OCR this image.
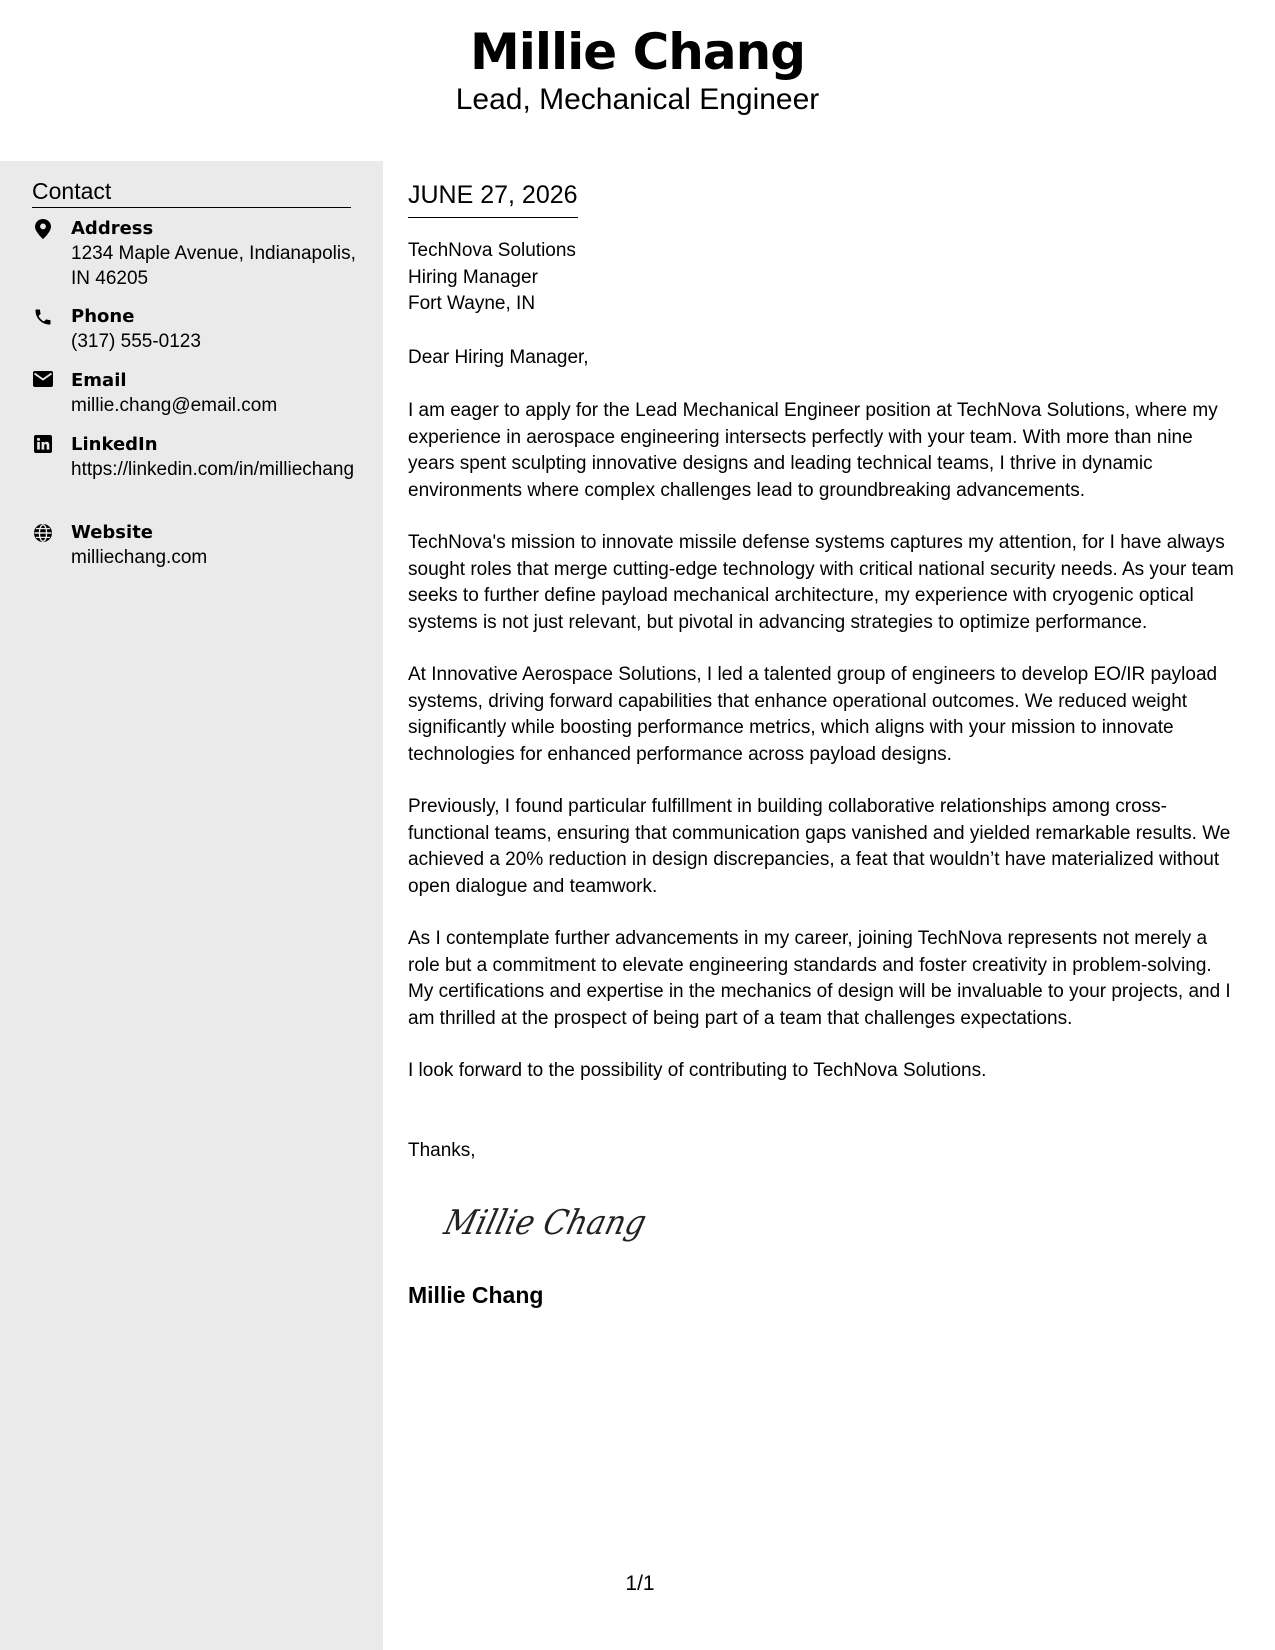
Millie Chang
Lead, Mechanical Engineer
Contact
Address
1234 Maple Avenue, Indianapolis, IN 46205
Phone
(317) 555-0123
Email
millie.chang@email.com
LinkedIn
https://linkedin.com/in/milliechang
Website
milliechang.com
JUNE 27, 2026
TechNova Solutions
Hiring Manager
Fort Wayne, IN
Dear Hiring Manager,
I am eager to apply for the Lead Mechanical Engineer position at TechNova Solutions, where my experience in aerospace engineering intersects perfectly with your team. With more than nine years spent sculpting innovative designs and leading technical teams, I thrive in dynamic environments where complex challenges lead to groundbreaking advancements.
TechNova's mission to innovate missile defense systems captures my attention, for I have always sought roles that merge cutting-edge technology with critical national security needs. As your team seeks to further define payload mechanical architecture, my experience with cryogenic optical systems is not just relevant, but pivotal in advancing strategies to optimize performance.
At Innovative Aerospace Solutions, I led a talented group of engineers to develop EO/IR payload systems, driving forward capabilities that enhance operational outcomes. We reduced weight significantly while boosting performance metrics, which aligns with your mission to innovate technologies for enhanced performance across payload designs.
Previously, I found particular fulfillment in building collaborative relationships among cross-functional teams, ensuring that communication gaps vanished and yielded remarkable results. We achieved a 20% reduction in design discrepancies, a feat that wouldn’t have materialized without open dialogue and teamwork.
As I contemplate further advancements in my career, joining TechNova represents not merely a role but a commitment to elevate engineering standards and foster creativity in problem-solving. My certifications and expertise in the mechanics of design will be invaluable to your projects, and I am thrilled at the prospect of being part of a team that challenges expectations.
I look forward to the possibility of contributing to TechNova Solutions.
Thanks,
Millie Chang
Millie Chang
1/1
